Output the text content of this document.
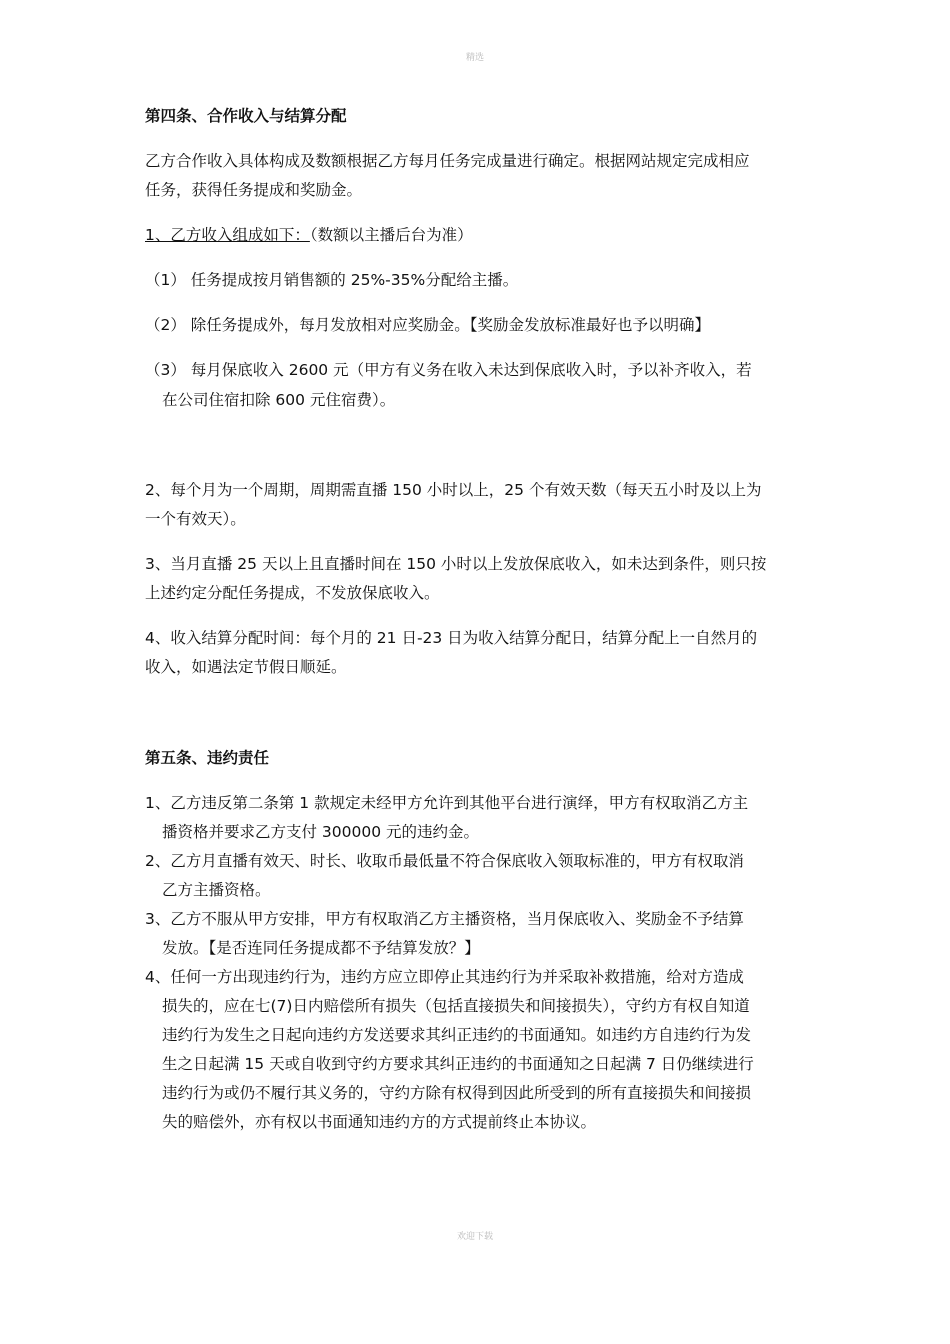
精选
第四条、合作收入与结算分配
乙方合作收入具体构成及数额根据乙方每月任务完成量进行确定。根据网站规定完成相应
任务，获得任务提成和奖励金。
1、乙方收入组成如下：（数额以主播后台为准）
（1） 任务提成按月销售额的 25%-35%分配给主播。
（2） 除任务提成外，每月发放相对应奖励金。【奖励金发放标准最好也予以明确】
（3） 每月保底收入 2600 元（甲方有义务在收入未达到保底收入时，予以补齐收入，若
在公司住宿扣除 600 元住宿费）。
2、每个月为一个周期，周期需直播 150 小时以上，25 个有效天数（每天五小时及以上为
一个有效天）。
3、当月直播 25 天以上且直播时间在 150 小时以上发放保底收入，如未达到条件，则只按
上述约定分配任务提成，不发放保底收入。
4、收入结算分配时间：每个月的 21 日-23 日为收入结算分配日，结算分配上一自然月的
收入，如遇法定节假日顺延。
第五条、违约责任
1、乙方违反第二条第 1 款规定未经甲方允许到其他平台进行演绎，甲方有权取消乙方主
播资格并要求乙方支付 300000 元的违约金。
2、乙方月直播有效天、时长、收取币最低量不符合保底收入领取标准的，甲方有权取消
乙方主播资格。
3、乙方不服从甲方安排，甲方有权取消乙方主播资格，当月保底收入、奖励金不予结算
发放。【是否连同任务提成都不予结算发放？】
4、任何一方出现违约行为，违约方应立即停止其违约行为并采取补救措施，给对方造成
损失的，应在七(7)日内赔偿所有损失（包括直接损失和间接损失），守约方有权自知道
违约行为发生之日起向违约方发送要求其纠正违约的书面通知。如违约方自违约行为发
生之日起满 15 天或自收到守约方要求其纠正违约的书面通知之日起满 7 日仍继续进行
违约行为或仍不履行其义务的，守约方除有权得到因此所受到的所有直接损失和间接损
失的赔偿外，亦有权以书面通知违约方的方式提前终止本协议。
欢迎下载
